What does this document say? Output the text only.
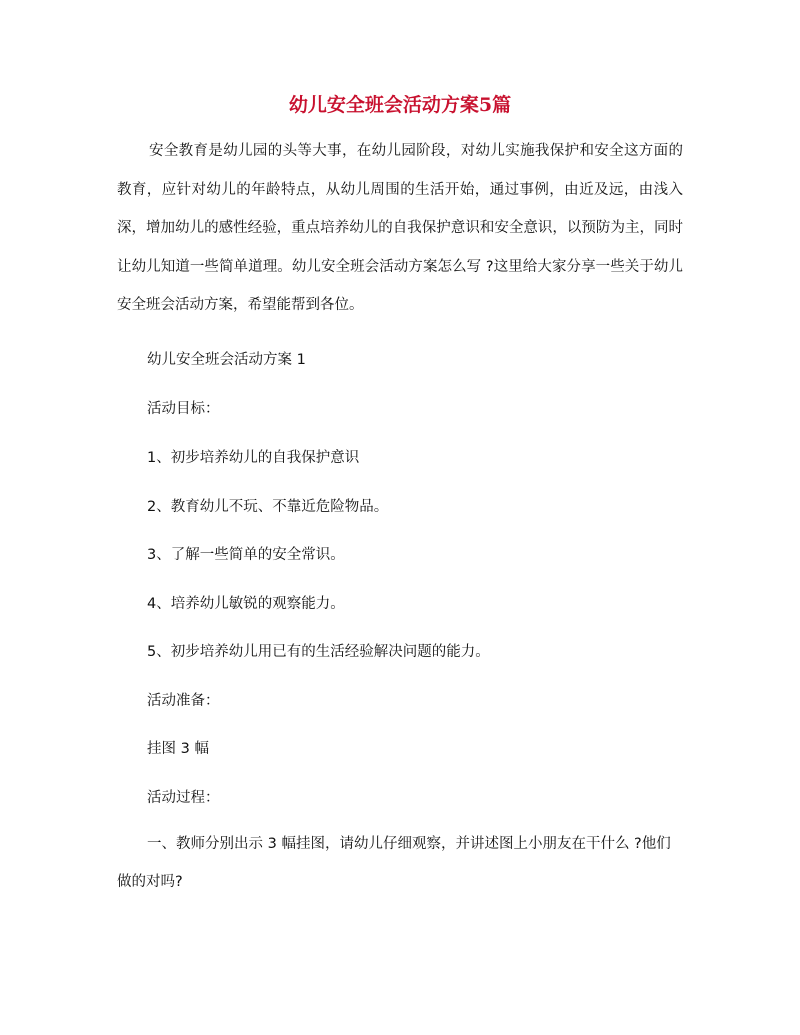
幼儿安全班会活动方案5篇

安全教育是幼儿园的头等大事，在幼儿园阶段，对幼儿实施我保护和安全这方面的教育，应针对幼儿的年龄特点，从幼儿周围的生活开始，通过事例，由近及远，由浅入深，增加幼儿的感性经验，重点培养幼儿的自我保护意识和安全意识，以预防为主，同时让幼儿知道一些简单道理。幼儿安全班会活动方案怎么写 ?这里给大家分享一些关于幼儿安全班会活动方案，希望能帮到各位。

幼儿安全班会活动方案 1

活动目标：

1、初步培养幼儿的自我保护意识

2、教育幼儿不玩、不靠近危险物品。

3、了解一些简单的安全常识。

4、培养幼儿敏锐的观察能力。

5、初步培养幼儿用已有的生活经验解决问题的能力。

活动准备：

挂图 3 幅

活动过程：

一、教师分别出示 3 幅挂图，请幼儿仔细观察，并讲述图上小朋友在干什么 ?他们做的对吗?
